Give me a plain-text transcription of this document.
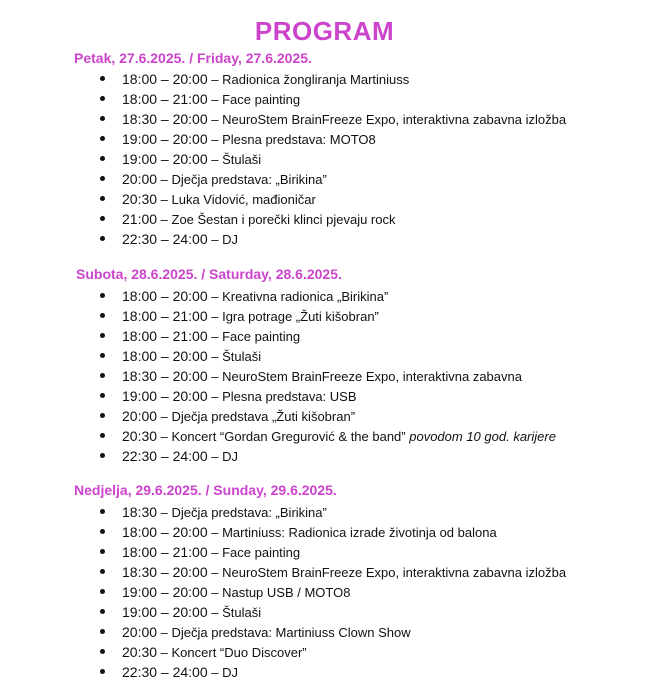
PROGRAM
Petak, 27.6.2025. / Friday, 27.6.2025.
18:00 – 20:00 – Radionica žongliranja Martiniuss
18:00 – 21:00 – Face painting
18:30 – 20:00 – NeuroStem BrainFreeze Expo, interaktivna zabavna izložba
19:00 – 20:00 – Plesna predstava: MOTO8
19:00 – 20:00 – Štulaši
20:00 – Dječja predstava: „Birikina”
20:30 – Luka Vidović, mađioničar
21:00 – Zoe Šestan i porečki klinci pjevaju rock
22:30 – 24:00 – DJ
Subota, 28.6.2025. / Saturday, 28.6.2025.
18:00 – 20:00 – Kreativna radionica „Birikina”
18:00 – 21:00 – Igra potrage „Žuti kišobran”
18:00 – 21:00 – Face painting
18:00 – 20:00 – Štulaši
18:30 – 20:00 – NeuroStem BrainFreeze Expo, interaktivna zabavna
19:00 – 20:00 – Plesna predstava: USB
20:00 – Dječja predstava „Žuti kišobran”
20:30 – Koncert “Gordan Gregurović & the band” povodom 10 god. karijere
22:30 – 24:00 – DJ
Nedjelja, 29.6.2025. / Sunday, 29.6.2025.
18:30 – Dječja predstava: „Birikina”
18:00 – 20:00 – Martiniuss: Radionica izrade životinja od balona
18:00 – 21:00 – Face painting
18:30 – 20:00 – NeuroStem BrainFreeze Expo, interaktivna zabavna izložba
19:00 – 20:00 – Nastup USB / MOTO8
19:00 – 20:00 – Štulaši
20:00 – Dječja predstava: Martiniuss Clown Show
20:30 – Koncert “Duo Discover”
22:30 – 24:00 – DJ
